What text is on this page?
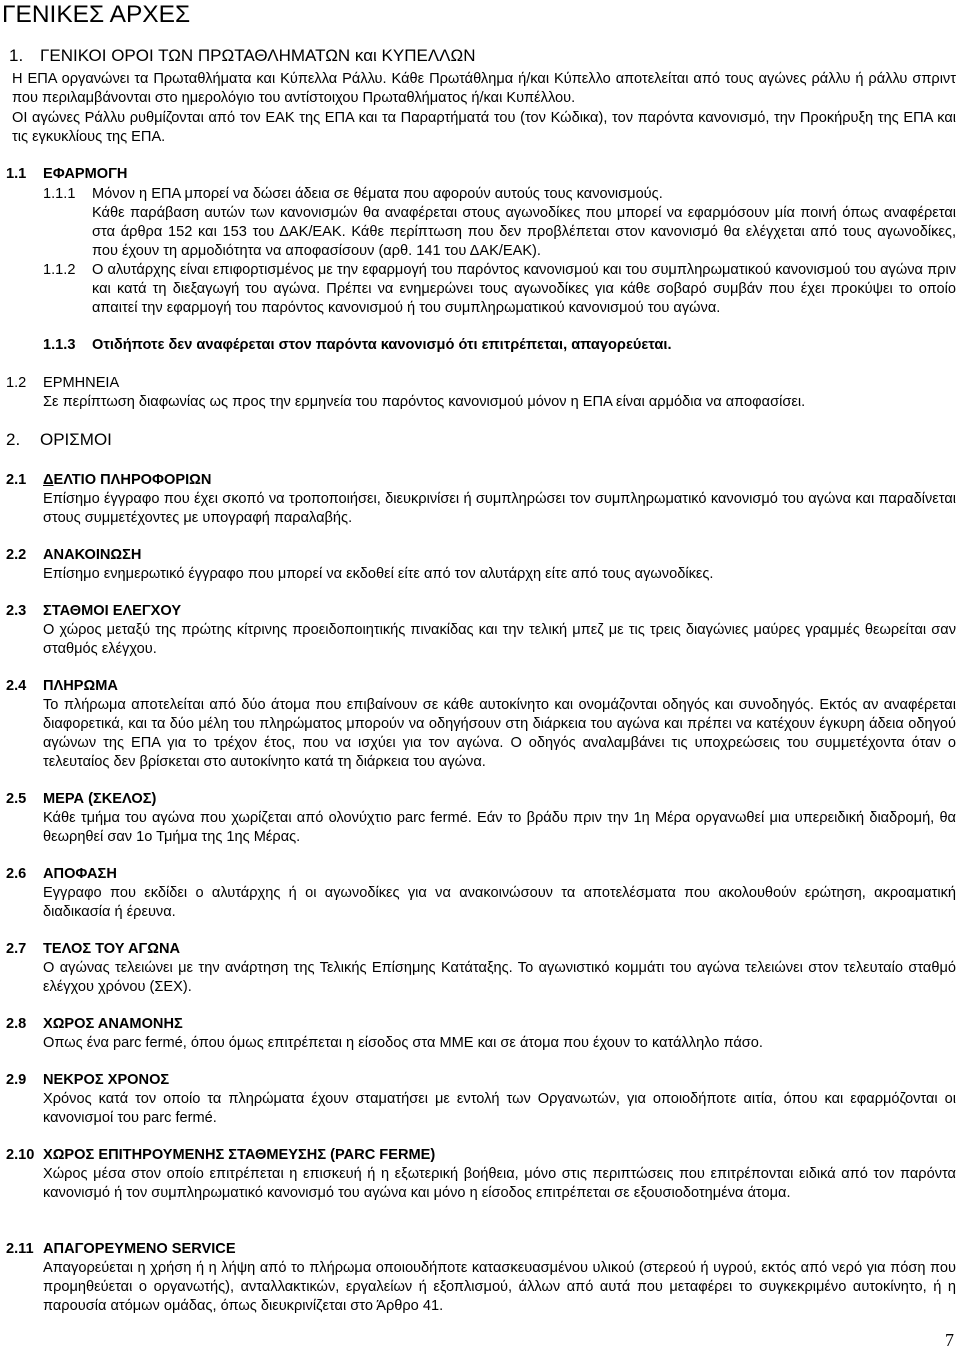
ΓΕΝΙΚΕΣ ΑΡΧΕΣ
1. ΓΕΝΙΚΟΙ ΟΡΟΙ ΤΩΝ ΠΡΩΤΑΘΛΗΜΑΤΩΝ και ΚΥΠΕΛΛΩΝ
Η ΕΠΑ οργανώνει τα Πρωταθλήματα και Κύπελλα Ράλλυ. Κάθε Πρωτάθλημα ή/και Κύπελλο αποτελείται από τους αγώνες ράλλυ ή ράλλυ σπριντ που περιλαμβάνονται στο ημερολόγιο του αντίστοιχου Πρωταθλήματος ή/και Κυπέλλου.
ΟΙ αγώνες Ράλλυ ρυθμίζονται από τον ΕΑΚ της ΕΠΑ και τα Παραρτήματά του (τον Κώδικα), τον παρόντα κανονισμό, την Προκήρυξη της ΕΠΑ και τις εγκυκλίους της ΕΠΑ.
1.1 ΕΦΑΡΜΟΓΗ
1.1.1 Μόνον η ΕΠΑ μπορεί να δώσει άδεια σε θέματα που αφορούν αυτούς τους κανονισμούς.
Κάθε παράβαση αυτών των κανονισμών θα αναφέρεται στους αγωνοδίκες που μπορεί να εφαρμόσουν μία ποινή όπως αναφέρεται στα άρθρα 152 και 153 του ΔΑΚ/ΕΑΚ. Κάθε περίπτωση που δεν προβλέπεται στον κανονισμό θα ελέγχεται από τους αγωνοδίκες, που έχουν τη αρμοδιότητα να αποφασίσουν (αρθ. 141 του ΔΑΚ/ΕΑΚ).
1.1.2 Ο αλυτάρχης είναι επιφορτισμένος με την εφαρμογή του παρόντος κανονισμού και του συμπληρωματικού κανονισμού του αγώνα πριν και κατά τη διεξαγωγή του αγώνα. Πρέπει να ενημερώνει τους αγωνοδίκες για κάθε σοβαρό συμβάν που έχει προκύψει το οποίο απαιτεί την εφαρμογή του παρόντος κανονισμού ή του συμπληρωματικού κανονισμού του αγώνα.
1.1.3 Οτιδήποτε δεν αναφέρεται στον παρόντα κανονισμό ότι επιτρέπεται, απαγορεύεται.
1.2 ΕΡΜΗΝΕΙΑ
Σε περίπτωση διαφωνίας ως προς την ερμηνεία του παρόντος κανονισμού μόνον η ΕΠΑ είναι αρμόδια να αποφασίσει.
2. ΟΡΙΣΜΟΙ
2.1 ΔΕΛΤΙΟ ΠΛΗΡΟΦΟΡΙΩΝ
Επίσημο έγγραφο που έχει σκοπό να τροποποιήσει, διευκρινίσει ή συμπληρώσει τον συμπληρωματικό κανονισμό του αγώνα και παραδίνεται στους συμμετέχοντες με υπογραφή παραλαβής.
2.2 ΑΝΑΚΟΙΝΩΣΗ
Επίσημο ενημερωτικό έγγραφο που μπορεί να εκδοθεί είτε από τον αλυτάρχη είτε από τους αγωνοδίκες.
2.3 ΣΤΑΘΜΟΙ ΕΛΕΓΧΟΥ
Ο χώρος μεταξύ της πρώτης κίτρινης προειδοποιητικής πινακίδας και την τελική μπεζ με τις τρεις διαγώνιες μαύρες γραμμές θεωρείται σαν σταθμός ελέγχου.
2.4 ΠΛΗΡΩΜΑ
Το πλήρωμα αποτελείται από δύο άτομα που επιβαίνουν σε κάθε αυτοκίνητο και ονομάζονται οδηγός και συνοδηγός. Εκτός αν αναφέρεται διαφορετικά, και τα δύο μέλη του πληρώματος μπορούν να οδηγήσουν στη διάρκεια του αγώνα και πρέπει να κατέχουν έγκυρη άδεια οδηγού αγώνων της ΕΠΑ για το τρέχον έτος, που να ισχύει για τον αγώνα. Ο οδηγός αναλαμβάνει τις υποχρεώσεις του συμμετέχοντα όταν ο τελευταίος δεν βρίσκεται στο αυτοκίνητο κατά τη διάρκεια του αγώνα.
2.5 ΜΕΡΑ (ΣΚΕΛΟΣ)
Κάθε τμήμα του αγώνα που χωρίζεται από ολονύχτιο parc fermé. Εάν το βράδυ πριν την 1η Μέρα οργανωθεί μια υπερειδική διαδρομή, θα θεωρηθεί σαν 1ο Τμήμα της 1ης Μέρας.
2.6 ΑΠΟΦΑΣΗ
Εγγραφο που εκδίδει ο αλυτάρχης ή οι αγωνοδίκες για να ανακοινώσουν τα αποτελέσματα που ακολουθούν ερώτηση, ακροαματική διαδικασία ή έρευνα.
2.7 ΤΕΛΟΣ ΤΟΥ ΑΓΩΝΑ
Ο αγώνας τελειώνει με την ανάρτηση της Τελικής Επίσημης Κατάταξης. Το αγωνιστικό κομμάτι του αγώνα τελειώνει στον τελευταίο σταθμό ελέγχου χρόνου (ΣΕΧ).
2.8 ΧΩΡΟΣ ΑΝΑΜΟΝΗΣ
Οπως ένα parc fermé, όπου όμως επιτρέπεται η είσοδος στα ΜΜΕ και σε άτομα που έχουν το κατάλληλο πάσο.
2.9 ΝΕΚΡΟΣ ΧΡΟΝΟΣ
Χρόνος κατά τον οποίο τα πληρώματα έχουν σταματήσει με εντολή των Οργανωτών, για οποιοδήποτε αιτία, όπου και εφαρμόζονται οι κανονισμοί του parc fermé.
2.10 ΧΩΡΟΣ ΕΠΙΤΗΡΟΥΜΕΝΗΣ ΣΤΑΘΜΕΥΣΗΣ (PARC FERME)
Χώρος μέσα στον οποίο επιτρέπεται η επισκευή ή η εξωτερική βοήθεια, μόνο στις περιπτώσεις που επιτρέπονται ειδικά από τον παρόντα κανονισμό ή τον συμπληρωματικό κανονισμό του αγώνα και μόνο η είσοδος επιτρέπεται σε εξουσιοδοτημένα άτομα.
2.11 ΑΠΑΓΟΡΕΥΜΕΝΟ SERVICE
Απαγορεύεται η χρήση ή η λήψη από το πλήρωμα οποιουδήποτε κατασκευασμένου υλικού (στερεού ή υγρού, εκτός από νερό για πόση που προμηθεύεται ο οργανωτής), ανταλλακτικών, εργαλείων ή εξοπλισμού, άλλων από αυτά που μεταφέρει το συγκεκριμένο αυτοκίνητο, ή η παρουσία ατόμων ομάδας, όπως διευκρινίζεται στο Άρθρο 41.
7
